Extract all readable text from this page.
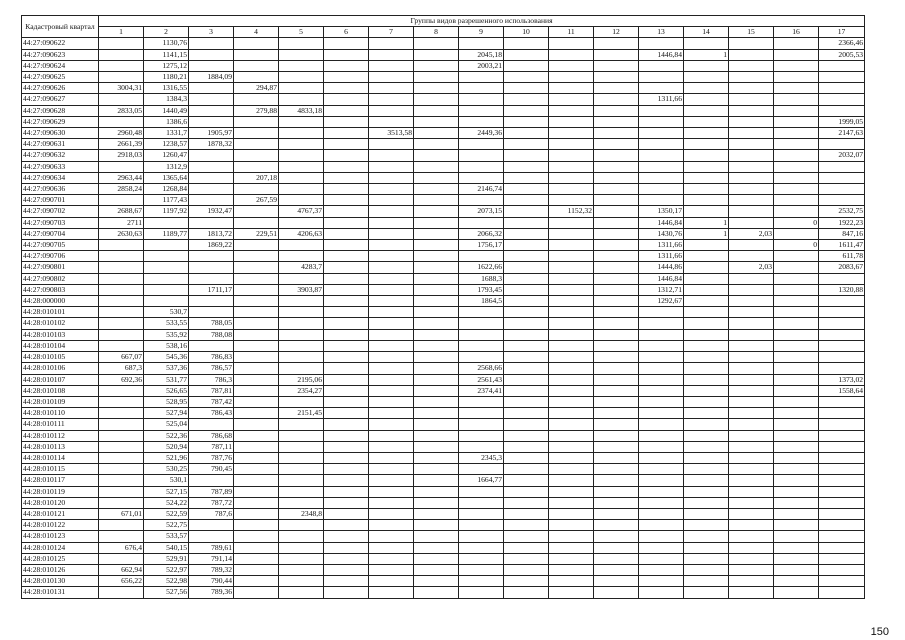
Кадастровый квартал	Группы видов разрешенного использования																
	1	2	3	4	5	6	7	8	9	10	11	12	13	14	15	16	17
44:27:090622		1130,76															2366,46
44:27:090623		1141,15							2045,18				1446,84	1			2005,53
44:27:090624		1275,12							2003,21								
44:27:090625		1180,21	1884,09														
44:27:090626	3004,31	1316,55		294,87													
44:27:090627		1384,3											1311,66				
44:27:090628	2833,05	1440,49		279,88	4833,18												
44:27:090629		1386,6															1999,05
44:27:090630	2960,48	1331,7	1905,97				3513,58		2449,36								2147,63
44:27:090631	2661,39	1238,57	1878,32														
44:27:090632	2918,03	1260,47															2032,07
44:27:090633		1312,9															
44:27:090634	2963,44	1365,64		207,18													
44:27:090636	2858,24	1268,84							2146,74								
44:27:090701		1177,43		267,59													
44:27:090702	2688,67	1197,92	1932,47		4767,37				2073,15		1152,32		1350,17				2532,75
44:27:090703	2711												1446,84	1		0	1922,23
44:27:090704	2630,63	1189,77	1813,72	229,51	4206,63				2066,32				1430,76	1	2,03		847,16
44:27:090705			1869,22						1756,17				1311,66			0	1611,47
44:27:090706													1311,66				611,78
44:27:090801					4283,7				1622,66				1444,86		2,03		2083,67
44:27:090802									1688,3				1446,84				
44:27:090803			1711,17		3903,87				1793,45				1312,71				1320,88
44:28:000000									1864,5				1292,67				
44:28:010101		530,7															
44:28:010102		533,55	788,05														
44:28:010103		535,92	788,08														
44:28:010104		538,16															
44:28:010105	667,07	545,36	786,83														
44:28:010106	687,3	537,36	786,57						2568,66								
44:28:010107	692,36	531,77	786,3		2195,06				2561,43								1373,02
44:28:010108		526,65	787,81		2354,27				2374,41								1558,64
44:28:010109		528,95	787,42														
44:28:010110		527,94	786,43		2151,45												
44:28:010111		525,04															
44:28:010112		522,36	786,68														
44:28:010113		520,94	787,11														
44:28:010114		521,96	787,76						2345,3								
44:28:010115		530,25	790,45														
44:28:010117		530,1							1664,77								
44:28:010119		527,15	787,89														
44:28:010120		524,22	787,72														
44:28:010121	671,01	522,59	787,6		2348,8												
44:28:010122		522,75															
44:28:010123		533,57															
44:28:010124	676,4	540,15	789,61														
44:28:010125		529,91	791,14														
44:28:010126	662,94	522,97	789,32														
44:28:010130	656,22	522,98	790,44														
44:28:010131		527,56	789,36														
150
